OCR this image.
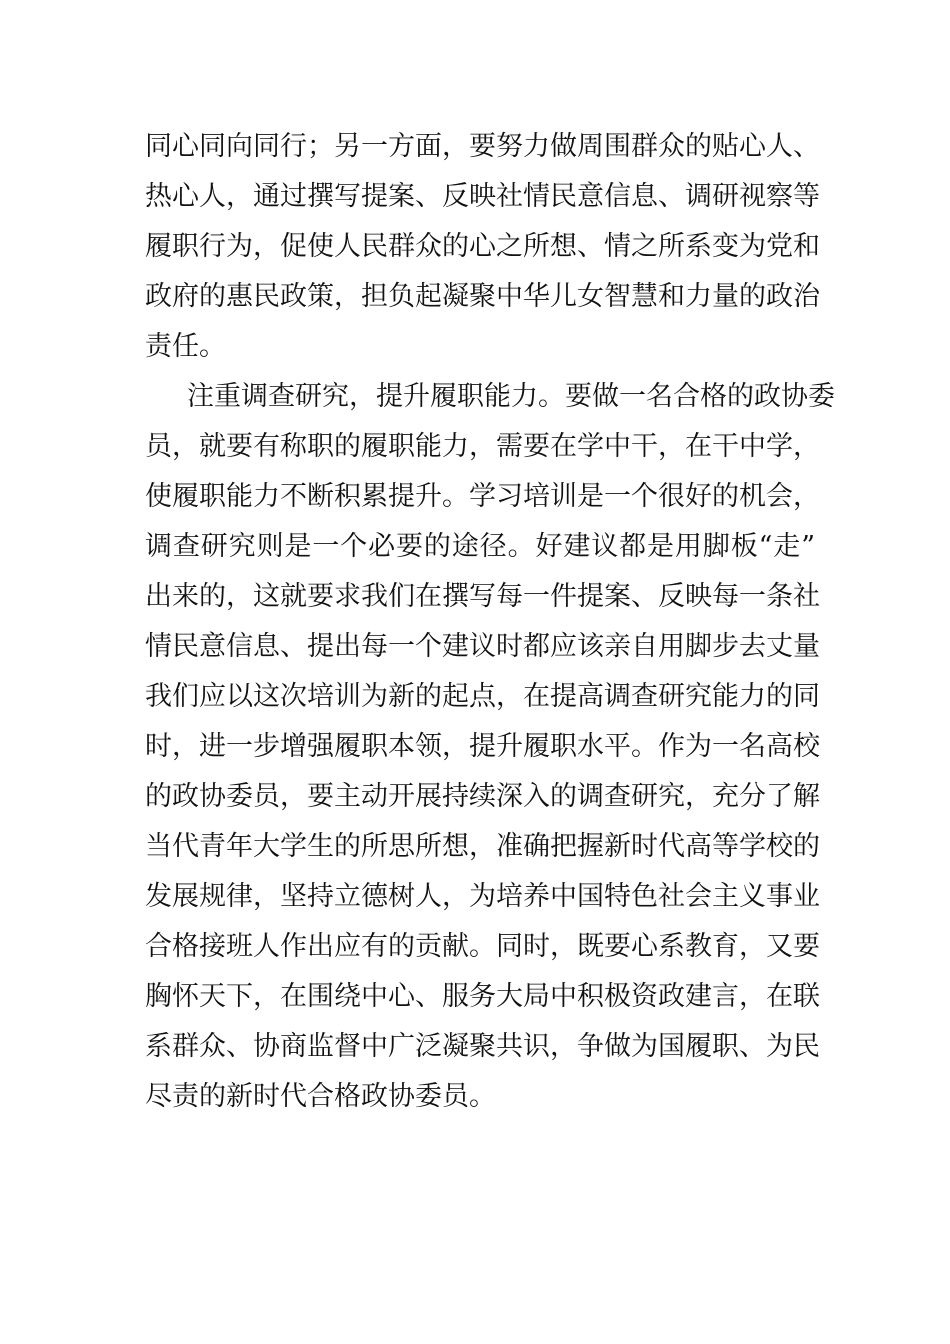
同心同向同行；另一方面，要努力做周围群众的贴心人、
热心人，通过撰写提案、反映社情民意信息、调研视察等
履职行为，促使人民群众的心之所想、情之所系变为党和
政府的惠民政策，担负起凝聚中华儿女智慧和力量的政治
责任。
注重调查研究，提升履职能力。要做一名合格的政协委
员，就要有称职的履职能力，需要在学中干，在干中学，
使履职能力不断积累提升。学习培训是一个很好的机会，
调查研究则是一个必要的途径。好建议都是用脚板“走”
出来的，这就要求我们在撰写每一件提案、反映每一条社
情民意信息、提出每一个建议时都应该亲自用脚步去丈量
我们应以这次培训为新的起点，在提高调查研究能力的同
时，进一步增强履职本领，提升履职水平。作为一名高校
的政协委员，要主动开展持续深入的调查研究，充分了解
当代青年大学生的所思所想，准确把握新时代高等学校的
发展规律，坚持立德树人，为培养中国特色社会主义事业
合格接班人作出应有的贡献。同时，既要心系教育，又要
胸怀天下，在围绕中心、服务大局中积极资政建言，在联
系群众、协商监督中广泛凝聚共识，争做为国履职、为民
尽责的新时代合格政协委员。
